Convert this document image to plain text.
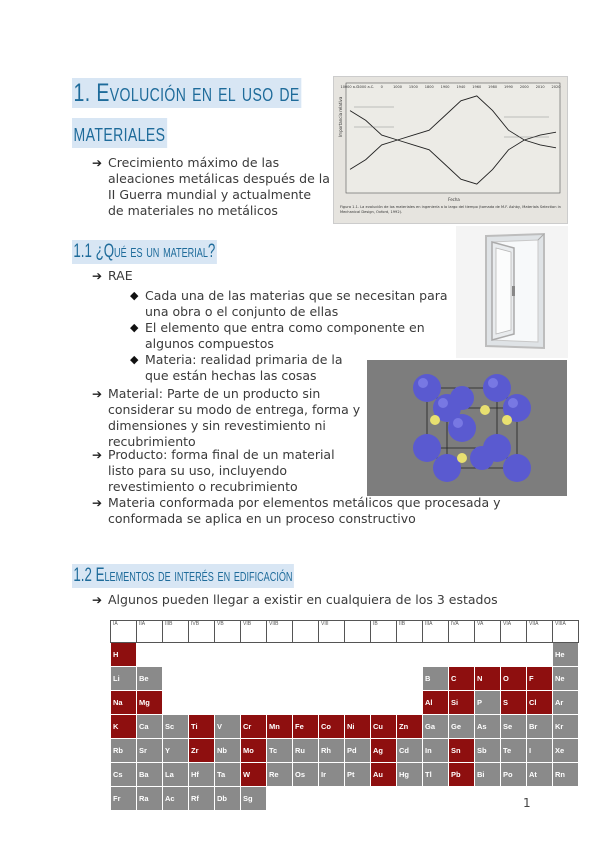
1. Evolución en el uso de
materiales
➔ Crecimiento máximo de las aleaciones metálicas después de la II Guerra mundial y actualmente de materiales no metálicos
10000 a.C.
5000 a.C. 0	1000 1500 1800 1900 1940 1960 1980 1990 2000 2010 2020
Fecha
Importancia relativa
Figura 1.1. La evolución de los materiales en ingeniería a lo largo del tiempo (tomada de M.F. Ashby, Materials Selection in Mechanical Design, Oxford, 1992).
1.1 ¿Qué es un material?
➔ RAE
◆ Cada una de las materias que se necesitan para una obra o el conjunto de ellas
◆ El elemento que entra como componente en algunos compuestos
◆ Materia: realidad primaria de la que están hechas las cosas
➔ Material: Parte de un producto sin considerar su modo de entrega, forma y dimensiones y sin revestimiento ni recubrimiento
➔ Producto: forma final de un material listo para su uso, incluyendo revestimiento o recubrimiento
➔ Materia conformada por elementos metálicos que procesada y conformada se aplica en un proceso constructivo
1.2 Elementos de interés en edificación
➔ Algunos pueden llegar a existir en cualquiera de los 3 estados
IA	IIA	IIIB	IVB	VB	VIB	VIIB		VIII		IB	IIB	IIIA	IVA	VA	VIA	VIIA	VIIIA
H																	He
Li	Be											B	C	N	O	F	Ne
Na	Mg											Al	Si	P	S	Cl	Ar
K	Ca	Sc	Ti	V	Cr	Mn	Fe	Co	Ni	Cu	Zn	Ga	Ge	As	Se	Br	Kr
Rb	Sr	Y	Zr	Nb	Mo	Tc	Ru	Rh	Pd	Ag	Cd	In	Sn	Sb	Te	I	Xe
Cs	Ba	La	Hf	Ta	W	Re	Os	Ir	Pt	Au	Hg	Tl	Pb	Bi	Po	At	Rn
Fr	Ra	Ac	Rf	Db	Sg													1
